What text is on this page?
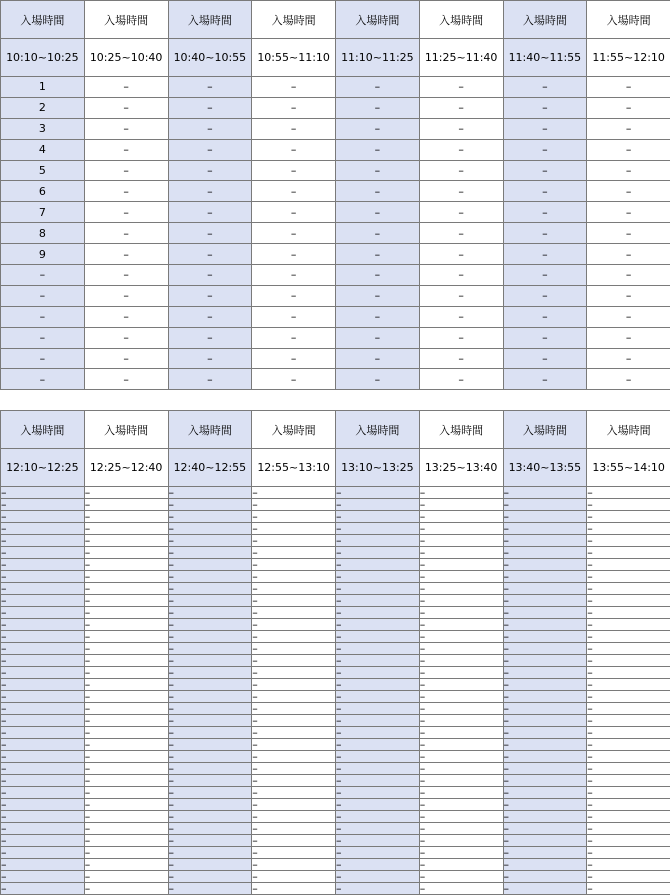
入場時間	入場時間	入場時間	入場時間	入場時間	入場時間	入場時間	入場時間
10:10~10:25	10:25~10:40	10:40~10:55	10:55~11:10	11:10~11:25	11:25~11:40	11:40~11:55	11:55~12:10
1	–	–	–	–	–	–	–
2	–	–	–	–	–	–	–
3	–	–	–	–	–	–	–
4	–	–	–	–	–	–	–
5	–	–	–	–	–	–	–
6	–	–	–	–	–	–	–
7	–	–	–	–	–	–	–
8	–	–	–	–	–	–	–
9	–	–	–	–	–	–	–
–	–	–	–	–	–	–	–
–	–	–	–	–	–	–	–
–	–	–	–	–	–	–	–
–	–	–	–	–	–	–	–
–	–	–	–	–	–	–	–
–	–	–	–	–	–	–	–
入場時間	入場時間	入場時間	入場時間	入場時間	入場時間	入場時間	入場時間
12:10~12:25	12:25~12:40	12:40~12:55	12:55~13:10	13:10~13:25	13:25~13:40	13:40~13:55	13:55~14:10
–	–	–	–	–	–	–	–
–	–	–	–	–	–	–	–
–	–	–	–	–	–	–	–
–	–	–	–	–	–	–	–
–	–	–	–	–	–	–	–
–	–	–	–	–	–	–	–
–	–	–	–	–	–	–	–
–	–	–	–	–	–	–	–
–	–	–	–	–	–	–	–
–	–	–	–	–	–	–	–
–	–	–	–	–	–	–	–
–	–	–	–	–	–	–	–
–	–	–	–	–	–	–	–
–	–	–	–	–	–	–	–
–	–	–	–	–	–	–	–
–	–	–	–	–	–	–	–
–	–	–	–	–	–	–	–
–	–	–	–	–	–	–	–
–	–	–	–	–	–	–	–
–	–	–	–	–	–	–	–
–	–	–	–	–	–	–	–
–	–	–	–	–	–	–	–
–	–	–	–	–	–	–	–
–	–	–	–	–	–	–	–
–	–	–	–	–	–	–	–
–	–	–	–	–	–	–	–
–	–	–	–	–	–	–	–
–	–	–	–	–	–	–	–
–	–	–	–	–	–	–	–
–	–	–	–	–	–	–	–
–	–	–	–	–	–	–	–
–	–	–	–	–	–	–	–
–	–	–	–	–	–	–	–
–	–	–	–	–	–	–	–
